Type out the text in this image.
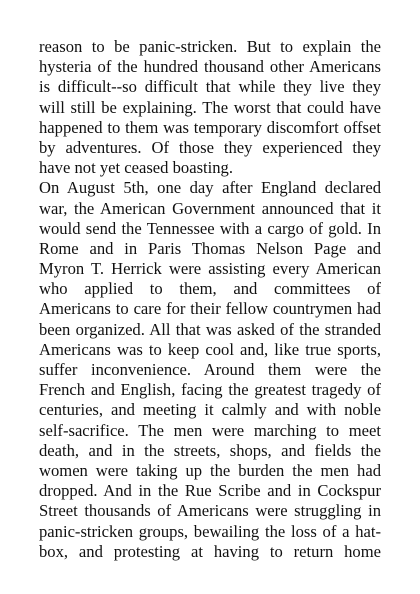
reason to be panic-stricken. But to explain the
hysteria of the hundred thousand other Americans
is difficult--so difficult that while they live they
will still be explaining. The worst that could have
happened to them was temporary discomfort offset
by adventures. Of those they experienced they
have not yet ceased boasting.
On August 5th, one day after England declared
war, the American Government announced that it
would send the Tennessee with a cargo of gold. In
Rome and in Paris Thomas Nelson Page and
Myron T. Herrick were assisting every American
who applied to them, and committees of
Americans to care for their fellow countrymen had
been organized. All that was asked of the stranded
Americans was to keep cool and, like true sports,
suffer inconvenience. Around them were the
French and English, facing the greatest tragedy of
centuries, and meeting it calmly and with noble
self-sacrifice. The men were marching to meet
death, and in the streets, shops, and fields the
women were taking up the burden the men had
dropped. And in the Rue Scribe and in Cockspur
Street thousands of Americans were struggling in
panic-stricken groups, bewailing the loss of a hat-
box, and protesting at having to return home
